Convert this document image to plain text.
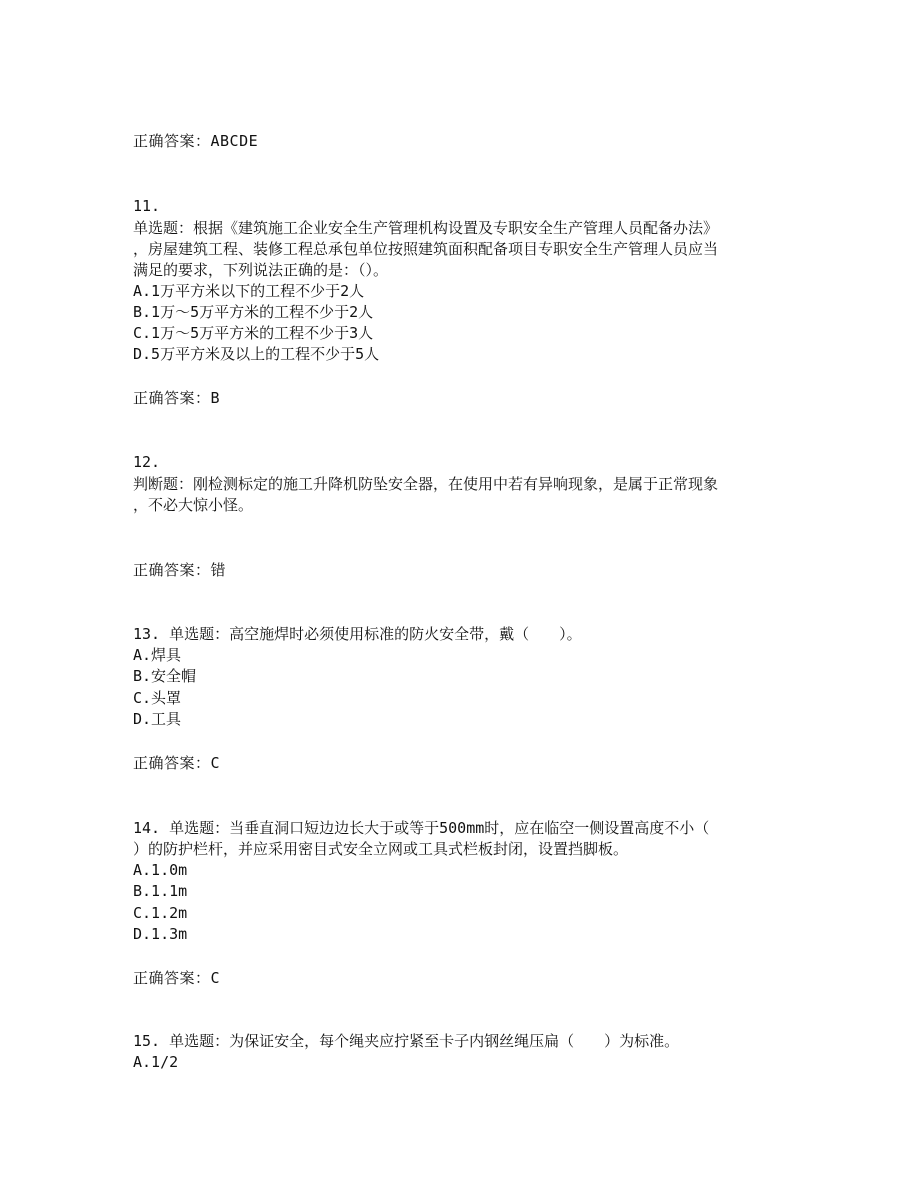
正确答案：ABCDE
11.
单选题：根据《建筑施工企业安全生产管理机构设置及专职安全生产管理人员配备办法》
，房屋建筑工程、装修工程总承包单位按照建筑面积配备项目专职安全生产管理人员应当
满足的要求，下列说法正确的是：（）。
A.1万平方米以下的工程不少于2人
B.1万～5万平方米的工程不少于2人
C.1万～5万平方米的工程不少于3人
D.5万平方米及以上的工程不少于5人
正确答案：B
12.
判断题：刚检测标定的施工升降机防坠安全器，在使用中若有异响现象，是属于正常现象
，不必大惊小怪。
正确答案：错
13. 单选题：高空施焊时必须使用标准的防火安全带，戴（　　）。
A.焊具
B.安全帽
C.头罩
D.工具
正确答案：C
14. 单选题：当垂直洞口短边边长大于或等于500mm时，应在临空一侧设置高度不小（
）的防护栏杆，并应采用密目式安全立网或工具式栏板封闭，设置挡脚板。
A.1.0m
B.1.1m
C.1.2m
D.1.3m
正确答案：C
15. 单选题：为保证安全，每个绳夹应拧紧至卡子内钢丝绳压扁（　　）为标准。
A.1/2
